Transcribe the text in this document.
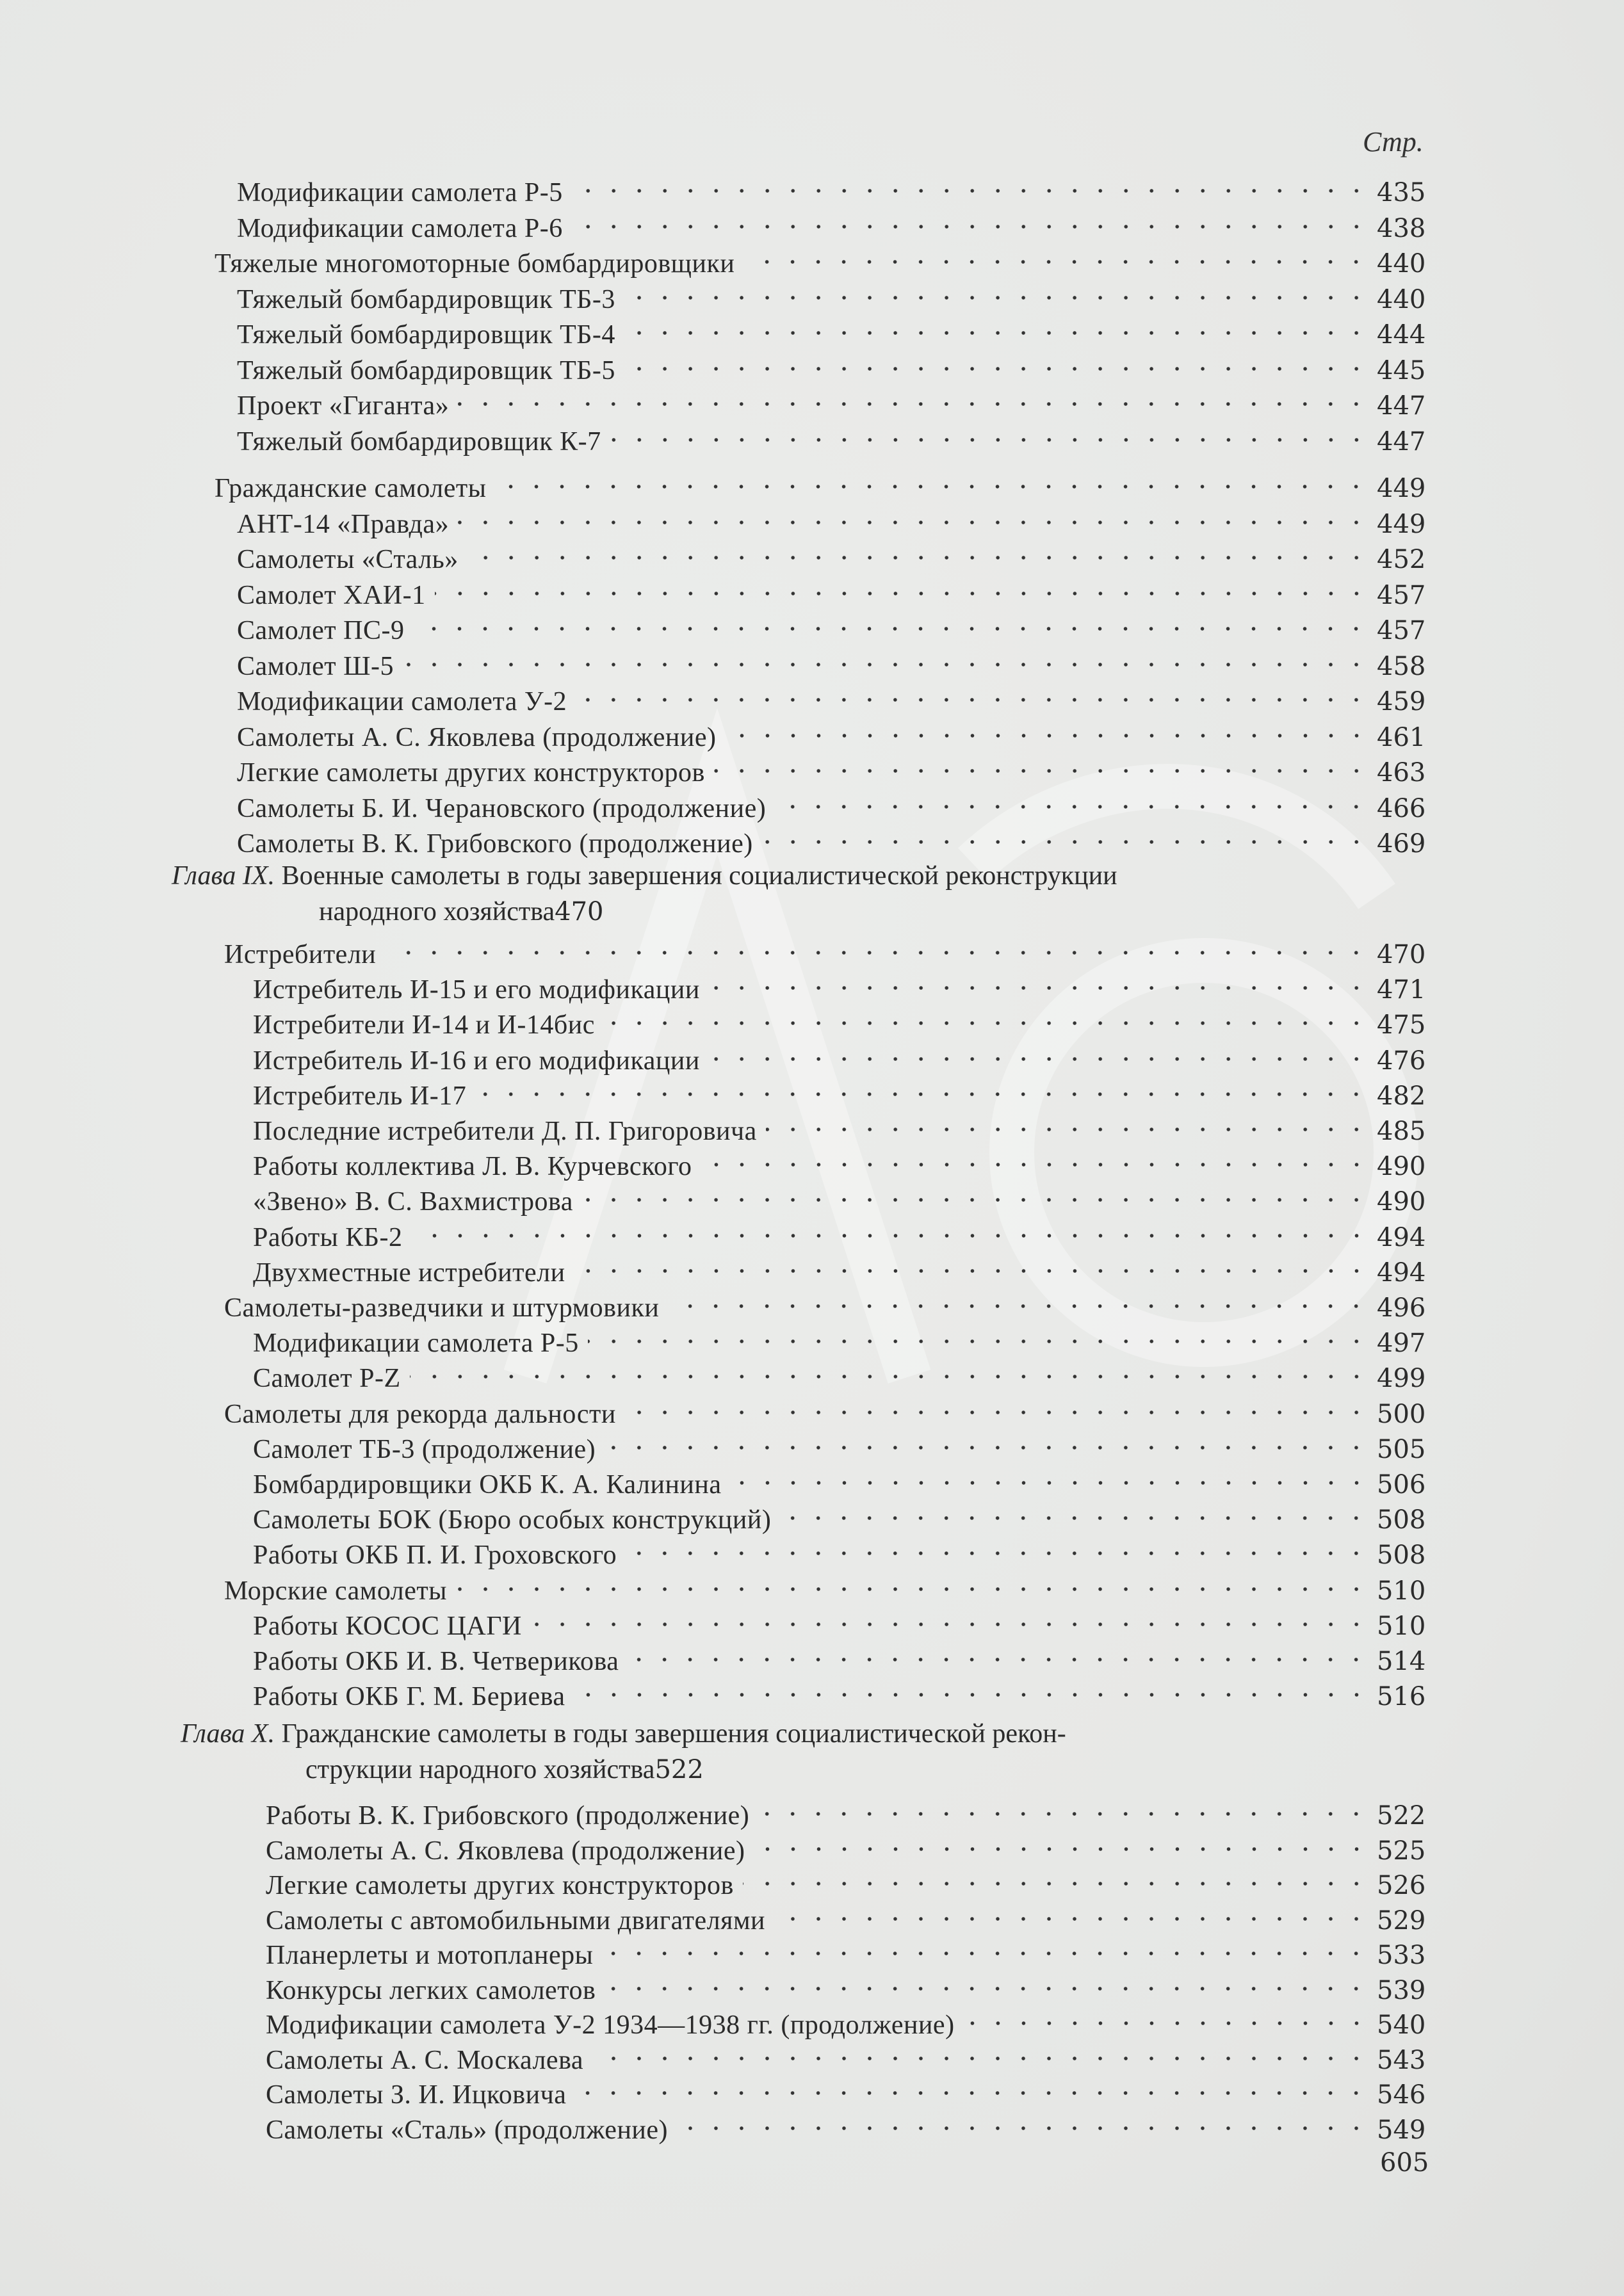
Стр.
Модификации самолета Р-5	435
Модификации самолета Р-6	438
Тяжелые многомоторные бомбардировщики	440
Тяжелый бомбардировщик ТБ-3	440
Тяжелый бомбардировщик ТБ-4	444
Тяжелый бомбардировщик ТБ-5	445
Проект «Гиганта»	447
Тяжелый бомбардировщик К-7	447
Гражданские самолеты	449
АНТ-14 «Правда»	449
Самолеты «Сталь»	452
Самолет ХАИ-1	457
Самолет ПС-9	457
Самолет Ш-5	458
Модификации самолета У-2	459
Самолеты А. С. Яковлева (продолжение)	461
Легкие самолеты других конструкторов	463
Самолеты Б. И. Черановского (продолжение)	466
Самолеты В. К. Грибовского (продолжение)	469
Глава IX. Военные самолеты в годы завершения социалистической реконструкции
народного хозяйства 470
Истребители	470
Истребитель И-15 и его модификации	471
Истребители И-14 и И-14бис	475
Истребитель И-16 и его модификации	476
Истребитель И-17	482
Последние истребители Д. П. Григоровича	485
Работы коллектива Л. В. Курчевского	490
«Звено» В. С. Вахмистрова	490
Работы КБ-2	494
Двухместные истребители	494
Самолеты-разведчики и штурмовики	496
Модификации самолета Р-5	497
Самолет Р-Z	499
Самолеты для рекорда дальности	500
Самолет ТБ-3 (продолжение)	505
Бомбардировщики ОКБ К. А. Калинина	506
Самолеты БОК (Бюро особых конструкций)	508
Работы ОКБ П. И. Гроховского	508
Морские самолеты	510
Работы КОСОС ЦАГИ	510
Работы ОКБ И. В. Четверикова	514
Работы ОКБ Г. М. Бериева	516
Глава X. Гражданские самолеты в годы завершения социалистической рекон-
струкции народного хозяйства 522
Работы В. К. Грибовского (продолжение)	522
Самолеты А. С. Яковлева (продолжение)	525
Легкие самолеты других конструкторов	526
Самолеты с автомобильными двигателями	529
Планерлеты и мотопланеры	533
Конкурсы легких самолетов	539
Модификации самолета У-2 1934—1938 гг. (продолжение)	540
Самолеты А. С. Москалева	543
Самолеты З. И. Ицковича	546
Самолеты «Сталь» (продолжение)	549
605
